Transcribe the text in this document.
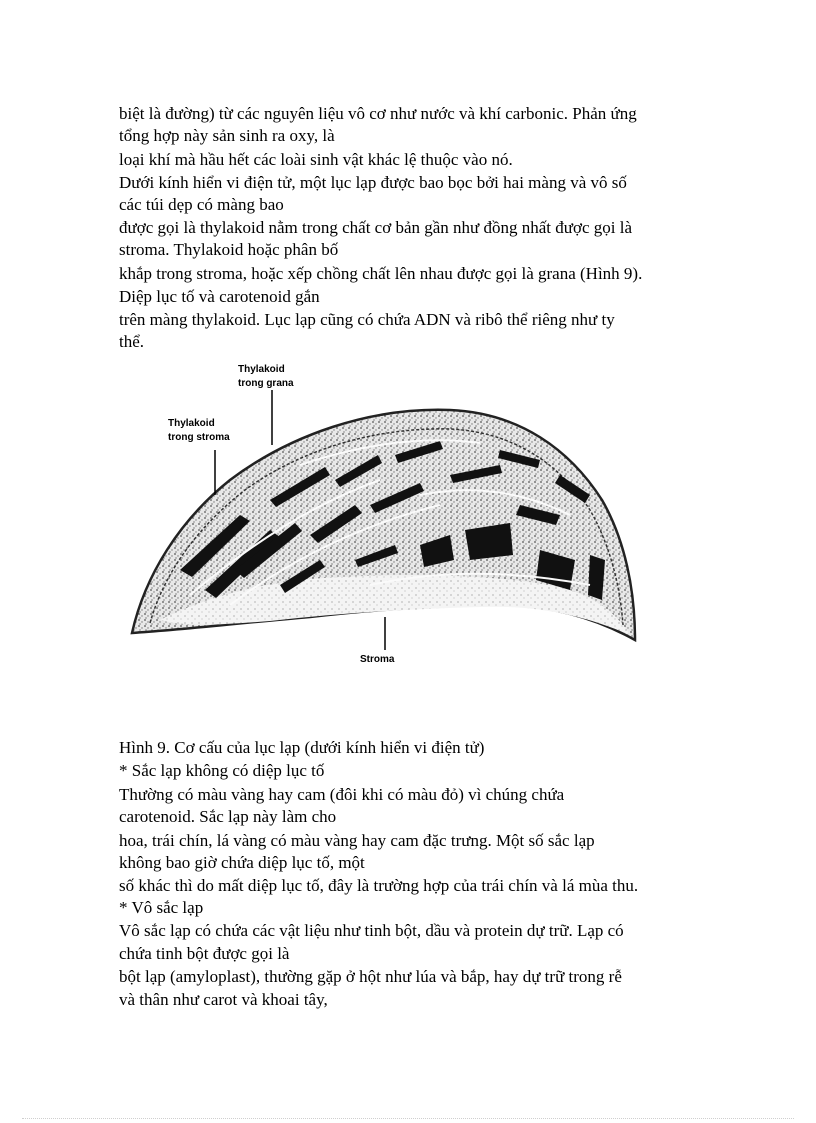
biệt là đường) từ các nguyên liệu vô cơ như nước và khí carbonic. Phản ứng

tổng hợp này sản sinh ra oxy, là

loại khí mà hầu hết các loài sinh vật khác lệ thuộc vào nó.

Dưới kính hiển vi điện tử, một lục lạp được bao bọc bởi hai màng và vô số

các túi dẹp có màng bao

được gọi là thylakoid nằm trong chất cơ bản gần như đồng nhất được gọi là

stroma. Thylakoid hoặc phân bố

khắp trong stroma, hoặc xếp chồng chất lên nhau được gọi là grana (Hình 9).

Diệp lục tố và carotenoid gắn

trên màng thylakoid. Lục lạp cũng có chứa ADN và ribô thể riêng như ty

thể.

Thylakoid
trong grana
Thylakoid
trong stroma
Stroma

Hình 9. Cơ cấu của lục lạp (dưới kính hiển vi điện tử)

* Sắc lạp không có diệp lục tố

Thường có màu vàng hay cam (đôi khi có màu đỏ) vì chúng chứa

carotenoid. Sắc lạp này làm cho

hoa, trái chín, lá vàng có màu vàng hay cam đặc trưng. Một số sắc lạp

không bao giờ chứa diệp lục tố, một

số khác thì do mất diệp lục tố, đây là trường hợp của trái chín và lá mùa thu.

* Vô sắc lạp

Vô sắc lạp có chứa các vật liệu như tinh bột, dầu và protein dự trữ. Lạp có

chứa tinh bột được gọi là

bột lạp (amyloplast), thường gặp ở hột như lúa và bắp, hay dự trữ trong rễ

và thân như carot và khoai tây,
